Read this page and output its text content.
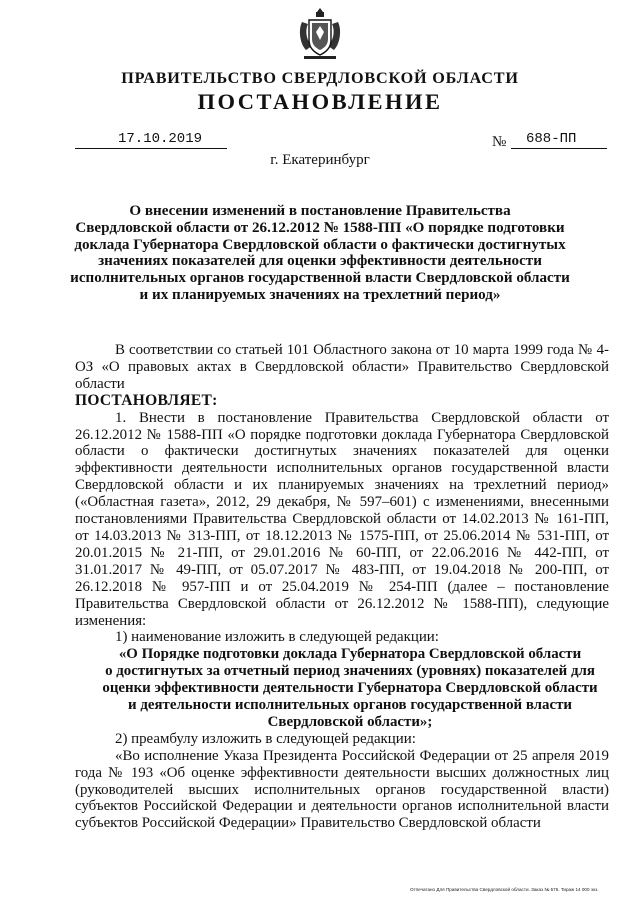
ПРАВИТЕЛЬСТВО СВЕРДЛОВСКОЙ ОБЛАСТИ
ПОСТАНОВЛЕНИЕ
17.10.2019	№ 688-ПП
г. Екатеринбург
О внесении изменений в постановление Правительства
Свердловской области от 26.12.2012 № 1588-ПП «О порядке подготовки
доклада Губернатора Свердловской области о фактически достигнутых
значениях показателей для оценки эффективности деятельности
исполнительных органов государственной власти Свердловской области
и их планируемых значениях на трехлетний период»

В соответствии со статьей 101 Областного закона от 10 марта 1999 года № 4-ОЗ «О правовых актах в Свердловской области» Правительство Свердловской области

ПОСТАНОВЛЯЕТ:

1. Внести в постановление Правительства Свердловской области от 26.12.2012 № 1588-ПП «О порядке подготовки доклада Губернатора Свердловской области о фактически достигнутых значениях показателей для оценки эффективности деятельности исполнительных органов государственной власти Свердловской области и их планируемых значениях на трехлетний период» («Областная газета», 2012, 29 декабря, № 597–601) с изменениями, внесенными постановлениями Правительства Свердловской области от 14.02.2013 № 161-ПП, от 14.03.2013 № 313-ПП, от 18.12.2013 № 1575-ПП, от 25.06.2014 № 531-ПП, от 20.01.2015 № 21-ПП, от 29.01.2016 № 60-ПП, от 22.06.2016 № 442-ПП, от 31.01.2017 № 49-ПП, от 05.07.2017 № 483-ПП, от 19.04.2018 № 200-ПП, от 26.12.2018 № 957-ПП и от 25.04.2019 № 254-ПП (далее – постановление Правительства Свердловской области от 26.12.2012 № 1588-ПП), следующие изменения:

1) наименование изложить в следующей редакции:

«О Порядке подготовки доклада Губернатора Свердловской области
о достигнутых за отчетный период значениях (уровнях) показателей для
оценки эффективности деятельности Губернатора Свердловской области
и деятельности исполнительных органов государственной власти
Свердловской области»;

2) преамбулу изложить в следующей редакции:

«Во исполнение Указа Президента Российской Федерации от 25 апреля 2019 года № 193 «Об оценке эффективности деятельности высших должностных лиц (руководителей высших исполнительных органов государственной власти) субъектов Российской Федерации и деятельности органов исполнительной власти субъектов Российской Федерации» Правительство Свердловской области

Отпечатано Для Правительства Свердловской области. Заказ № 575. Тираж 14 000 экз.
